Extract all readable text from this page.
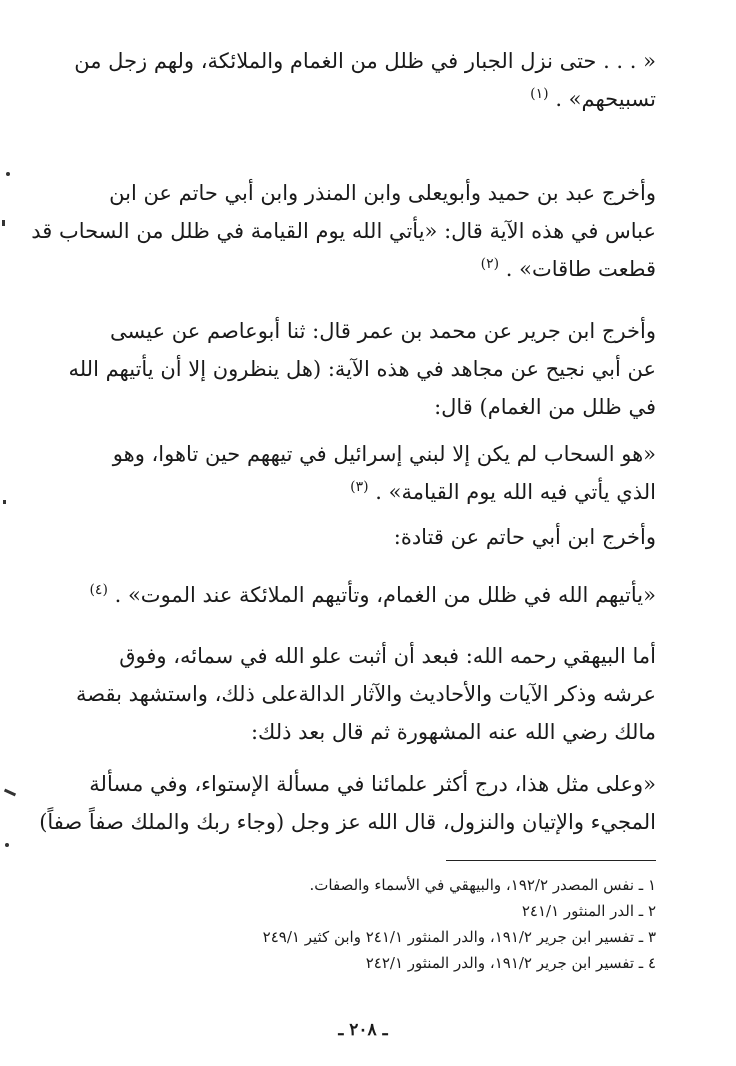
« . . . حتى نزل الجبار في ظلل من الغمام والملائكة، ولهم زجل من
تسبيحهم» . $^{(١)}$

وأخرج عبد بن حميد وأبويعلى وابن المنذر وابن أبي حاتم عن ابن
عباس في هذه الآية قال: «يأتي الله يوم القيامة في ظلل من السحاب قد
قطعت طاقات» . $^{(٢)}$

وأخرج ابن جرير عن محمد بن عمر قال: ثنا أبوعاصم عن عيسى
عن أبي نجيح عن مجاهد في هذه الآية: (هل ينظرون إلا أن يأتيهم الله
في ظلل من الغمام) قال:

«هو السحاب لم يكن إلا لبني إسرائيل في تيههم حين تاهوا، وهو
الذي يأتي فيه الله يوم القيامة» . $^{(٣)}$

وأخرج ابن أبي حاتم عن قتادة:

«يأتيهم الله في ظلل من الغمام، وتأتيهم الملائكة عند الموت» . $^{(٤)}$

أما البيهقي رحمه الله: فبعد أن أثبت علو الله في سمائه، وفوق
عرشه وذكر الآيات والأحاديث والآثار الدالةعلى ذلك، واستشهد بقصة
مالك رضي الله عنه المشهورة ثم قال بعد ذلك:

«وعلى مثل هذا، درج أكثر علمائنا في مسألة الإستواء، وفي مسألة
المجيء والإتيان والنزول، قال الله عز وجل (وجاء ربك والملك صفاً صفاً)

١ ـ نفس المصدر ١٩٢/٢، والبيهقي في الأسماء والصفات.
٢ ـ الدر المنثور ٢٤١/١
٣ ـ تفسير ابن جرير ١٩١/٢، والدر المنثور ٢٤١/١ وابن كثير ٢٤٩/١
٤ ـ تفسير ابن جرير ١٩١/٢، والدر المنثور ٢٤٢/١
ـ ٢٠٨ ـ
